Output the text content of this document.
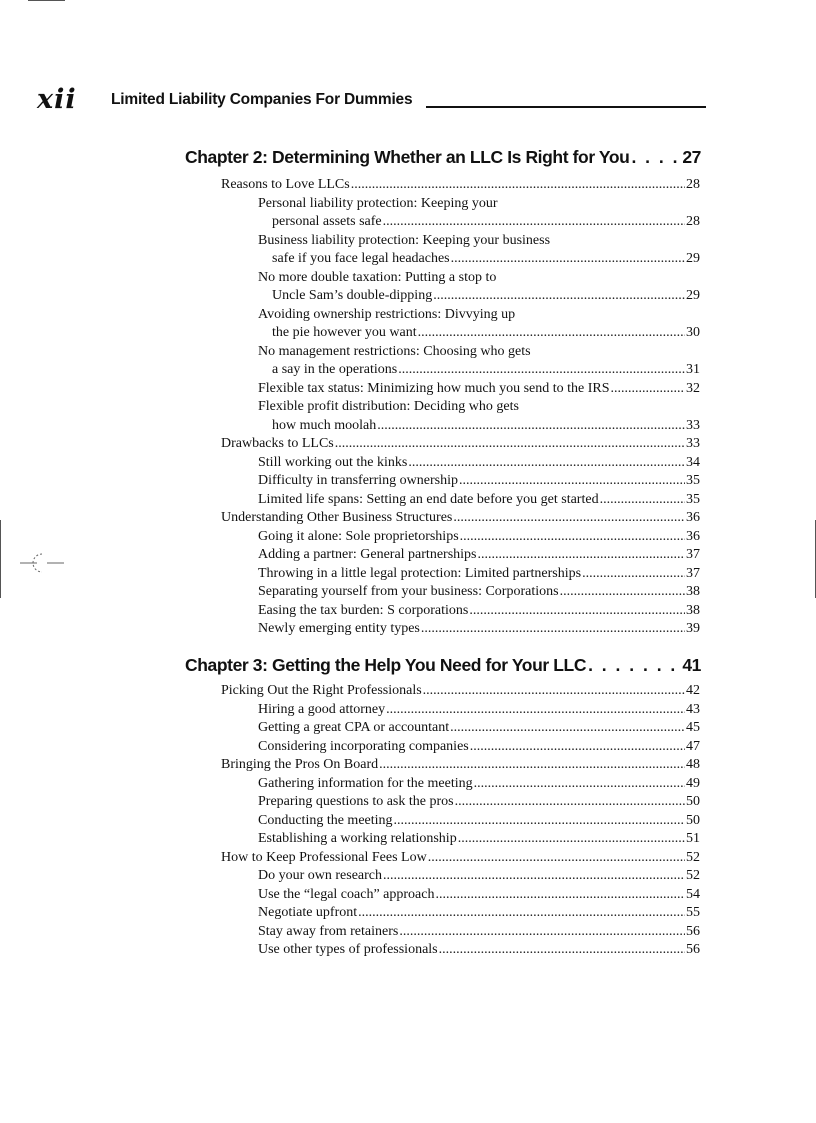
xii Limited Liability Companies For Dummies
Chapter 2: Determining Whether an LLC Is Right for You . . .	27
Reasons to Love LLCs .....	28
Personal liability protection: Keeping your
personal assets safe .....	28
Business liability protection: Keeping your business
safe if you face legal headaches .....	29
No more double taxation: Putting a stop to
Uncle Sam’s double-dipping .....	29
Avoiding ownership restrictions: Divvying up
the pie however you want .....	30
No management restrictions: Choosing who gets
a say in the operations .....	31
Flexible tax status: Minimizing how much you send to the IRS .....	32
Flexible profit distribution: Deciding who gets
how much moolah .....	33
Drawbacks to LLCs .....	33
Still working out the kinks .....	34
Difficulty in transferring ownership .....	35
Limited life spans: Setting an end date before you get started .....	35
Understanding Other Business Structures .....	36
Going it alone: Sole proprietorships .....	36
Adding a partner: General partnerships .....	37
Throwing in a little legal protection: Limited partnerships .....	37
Separating yourself from your business: Corporations .....	38
Easing the tax burden: S corporations .....	38
Newly emerging entity types .....	39
Chapter 3: Getting the Help You Need for Your LLC . . .	41
Picking Out the Right Professionals .....	42
Hiring a good attorney .....	43
Getting a great CPA or accountant .....	45
Considering incorporating companies .....	47
Bringing the Pros On Board .....	48
Gathering information for the meeting .....	49
Preparing questions to ask the pros .....	50
Conducting the meeting .....	50
Establishing a working relationship .....	51
How to Keep Professional Fees Low .....	52
Do your own research .....	52
Use the “legal coach” approach .....	54
Negotiate upfront .....	55
Stay away from retainers .....	56
Use other types of professionals .....	56
